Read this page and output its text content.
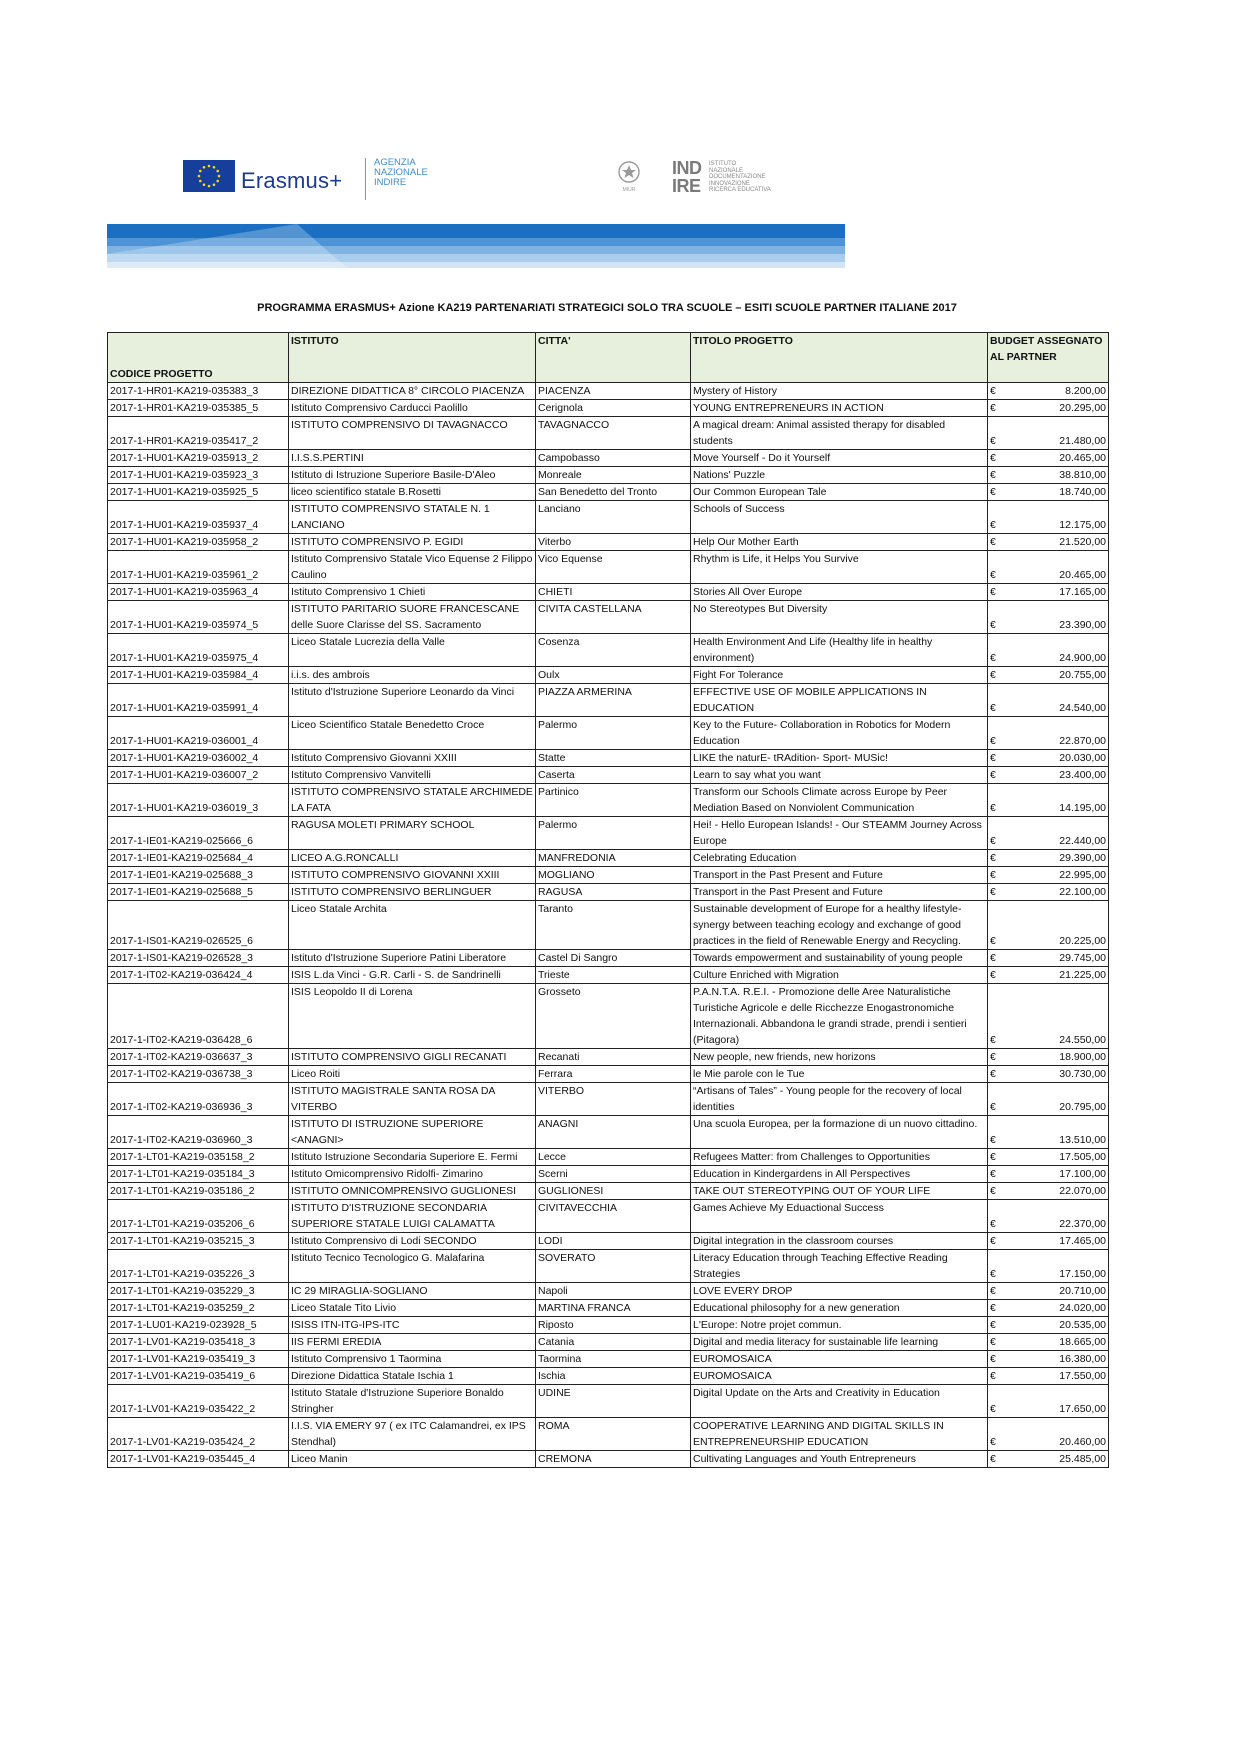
Erasmus+
AGENZIA
NAZIONALE
INDIRE
MIUR
IND
IRE
ISTITUTO
NAZIONALE
DOCUMENTAZIONE
INNOVAZIONE
RICERCA EDUCATIVA
PROGRAMMA ERASMUS+ Azione KA219 PARTENARIATI STRATEGICI SOLO TRA SCUOLE – ESITI SCUOLE PARTNER ITALIANE 2017
CODICE PROGETTO	ISTITUTO	CITTA'	TITOLO PROGETTO	BUDGET ASSEGNATO AL PARTNER
2017-1-HR01-KA219-035383_3	DIREZIONE DIDATTICA 8° CIRCOLO PIACENZA	PIACENZA	Mystery of History	€ 8.200,00

2017-1-HR01-KA219-035385_5	Istituto Comprensivo Carducci Paolillo	Cerignola	YOUNG ENTREPRENEURS IN ACTION	€ 20.295,00

2017-1-HR01-KA219-035417_2	ISTITUTO COMPRENSIVO DI TAVAGNACCO	TAVAGNACCO	A magical dream: Animal assisted therapy for disabled students	€ 21.480,00

2017-1-HU01-KA219-035913_2	I.I.S.S.PERTINI	Campobasso	Move Yourself - Do it Yourself	€ 20.465,00

2017-1-HU01-KA219-035923_3	Istituto di Istruzione Superiore Basile-D'Aleo	Monreale	Nations' Puzzle	€ 38.810,00

2017-1-HU01-KA219-035925_5	liceo scientifico statale B.Rosetti	San Benedetto del Tronto	Our Common European Tale	€ 18.740,00

2017-1-HU01-KA219-035937_4	ISTITUTO COMPRENSIVO STATALE N. 1 LANCIANO	Lanciano	Schools of Success	€ 12.175,00

2017-1-HU01-KA219-035958_2	ISTITUTO COMPRENSIVO P. EGIDI	Viterbo	Help Our Mother Earth	€ 21.520,00

2017-1-HU01-KA219-035961_2	Istituto Comprensivo Statale Vico Equense 2 Filippo Caulino	Vico Equense	Rhythm is Life, it Helps You Survive	€ 20.465,00

2017-1-HU01-KA219-035963_4	Istituto Comprensivo 1 Chieti	CHIETI	Stories All Over Europe	€ 17.165,00

2017-1-HU01-KA219-035974_5	ISTITUTO PARITARIO SUORE FRANCESCANE delle Suore Clarisse del SS. Sacramento	CIVITA CASTELLANA	No Stereotypes But Diversity	€ 23.390,00

2017-1-HU01-KA219-035975_4	Liceo Statale Lucrezia della Valle	Cosenza	Health Environment And Life (Healthy life in healthy environment)	€ 24.900,00

2017-1-HU01-KA219-035984_4	i.i.s. des ambrois	Oulx	Fight For Tolerance	€ 20.755,00

2017-1-HU01-KA219-035991_4	Istituto d'Istruzione Superiore Leonardo da Vinci	PIAZZA ARMERINA	EFFECTIVE USE OF MOBILE APPLICATIONS IN EDUCATION	€ 24.540,00

2017-1-HU01-KA219-036001_4	Liceo Scientifico Statale Benedetto Croce	Palermo	Key to the Future- Collaboration in Robotics for Modern Education	€ 22.870,00

2017-1-HU01-KA219-036002_4	Istituto Comprensivo Giovanni XXIII	Statte	LIKE the naturE- tRAdition- Sport- MUSic!	€ 20.030,00

2017-1-HU01-KA219-036007_2	Istituto Comprensivo Vanvitelli	Caserta	Learn to say what you want	€ 23.400,00

2017-1-HU01-KA219-036019_3	ISTITUTO COMPRENSIVO STATALE ARCHIMEDE LA FATA	Partinico	Transform our Schools Climate across Europe by Peer Mediation Based on Nonviolent Communication	€ 14.195,00

2017-1-IE01-KA219-025666_6	RAGUSA MOLETI PRIMARY SCHOOL	Palermo	Hei! - Hello European Islands! - Our STEAMM Journey Across Europe	€ 22.440,00

2017-1-IE01-KA219-025684_4	LICEO A.G.RONCALLI	MANFREDONIA	Celebrating Education	€ 29.390,00

2017-1-IE01-KA219-025688_3	ISTITUTO COMPRENSIVO GIOVANNI XXIII	MOGLIANO	Transport in the Past Present and Future	€ 22.995,00

2017-1-IE01-KA219-025688_5	ISTITUTO COMPRENSIVO BERLINGUER	RAGUSA	Transport in the Past Present and Future	€ 22.100,00

2017-1-IS01-KA219-026525_6	Liceo Statale Archita	Taranto	Sustainable development of Europe for a healthy lifestyle- synergy between teaching ecology and exchange of good practices in the field of Renewable Energy and Recycling.	€ 20.225,00

2017-1-IS01-KA219-026528_3	Istituto d'Istruzione Superiore Patini Liberatore	Castel Di Sangro	Towards empowerment and sustainability of young people	€ 29.745,00

2017-1-IT02-KA219-036424_4	ISIS L.da Vinci - G.R. Carli - S. de Sandrinelli	Trieste	Culture Enriched with Migration	€ 21.225,00

2017-1-IT02-KA219-036428_6	ISIS Leopoldo II di Lorena	Grosseto	P.A.N.T.A. R.E.I. - Promozione delle Aree Naturalistiche Turistiche Agricole e delle Ricchezze Enogastronomiche Internazionali. Abbandona le grandi strade, prendi i sentieri (Pitagora)	€ 24.550,00

2017-1-IT02-KA219-036637_3	ISTITUTO COMPRENSIVO GIGLI RECANATI	Recanati	New people, new friends, new horizons	€ 18.900,00

2017-1-IT02-KA219-036738_3	Liceo Roiti	Ferrara	le Mie parole con le Tue	€ 30.730,00

2017-1-IT02-KA219-036936_3	ISTITUTO MAGISTRALE SANTA ROSA DA VITERBO	VITERBO	“Artisans of Tales” - Young people for the recovery of local identities	€ 20.795,00

2017-1-IT02-KA219-036960_3	ISTITUTO DI ISTRUZIONE SUPERIORE <ANAGNI>	ANAGNI	Una scuola Europea, per la formazione di un nuovo cittadino.	€ 13.510,00

2017-1-LT01-KA219-035158_2	Istituto Istruzione Secondaria Superiore E. Fermi	Lecce	Refugees Matter: from Challenges to Opportunities	€ 17.505,00

2017-1-LT01-KA219-035184_3	Istituto Omicomprensivo Ridolfi- Zimarino	Scerni	Education in Kindergardens in All Perspectives	€ 17.100,00

2017-1-LT01-KA219-035186_2	ISTITUTO OMNICOMPRENSIVO GUGLIONESI	GUGLIONESI	TAKE OUT STEREOTYPING OUT OF YOUR LIFE	€ 22.070,00

2017-1-LT01-KA219-035206_6	ISTITUTO D'ISTRUZIONE SECONDARIA SUPERIORE STATALE LUIGI CALAMATTA	CIVITAVECCHIA	Games Achieve My Eduactional Success	€ 22.370,00

2017-1-LT01-KA219-035215_3	Istituto Comprensivo di Lodi SECONDO	LODI	Digital integration in the classroom courses	€ 17.465,00

2017-1-LT01-KA219-035226_3	Istituto Tecnico Tecnologico G. Malafarina	SOVERATO	Literacy Education through Teaching Effective Reading Strategies	€ 17.150,00

2017-1-LT01-KA219-035229_3	IC 29 MIRAGLIA-SOGLIANO	Napoli	LOVE EVERY DROP	€ 20.710,00

2017-1-LT01-KA219-035259_2	Liceo Statale Tito Livio	MARTINA FRANCA	Educational philosophy for a new generation	€ 24.020,00

2017-1-LU01-KA219-023928_5	ISISS ITN-ITG-IPS-ITC	Riposto	L'Europe: Notre projet commun.	€ 20.535,00

2017-1-LV01-KA219-035418_3	IIS FERMI EREDIA	Catania	Digital and media literacy for sustainable life learning	€ 18.665,00

2017-1-LV01-KA219-035419_3	Istituto Comprensivo 1 Taormina	Taormina	EUROMOSAICA	€ 16.380,00

2017-1-LV01-KA219-035419_6	Direzione Didattica Statale Ischia 1	Ischia	EUROMOSAICA	€ 17.550,00

2017-1-LV01-KA219-035422_2	Istituto Statale d'Istruzione Superiore Bonaldo Stringher	UDINE	Digital Update on the Arts and Creativity in Education	€ 17.650,00

2017-1-LV01-KA219-035424_2	I.I.S. VIA EMERY 97 ( ex ITC Calamandrei, ex IPS Stendhal)	ROMA	COOPERATIVE LEARNING AND DIGITAL SKILLS IN ENTREPRENEURSHIP EDUCATION	€ 20.460,00

2017-1-LV01-KA219-035445_4	Liceo Manin	CREMONA	Cultivating Languages and Youth Entrepreneurs	€ 25.485,00
